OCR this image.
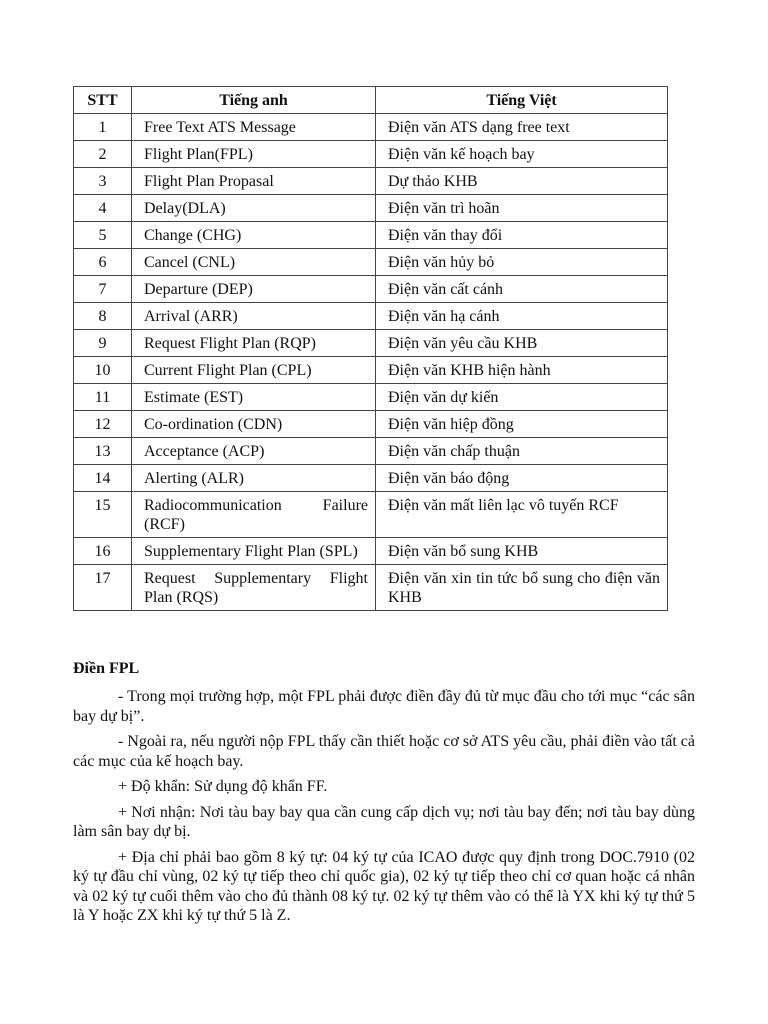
STT	Tiếng anh	Tiếng Việt
1	Free Text ATS Message	Điện văn ATS dạng free text
2	Flight Plan(FPL)	Điện văn kế hoạch bay
3	Flight Plan Propasal	Dự thảo KHB
4	Delay(DLA)	Điện văn trì hoãn
5	Change (CHG)	Điện văn thay đổi
6	Cancel (CNL)	Điện văn hủy bỏ
7	Departure (DEP)	Điện văn cất cánh
8	Arrival (ARR)	Điện văn hạ cánh
9	Request Flight Plan (RQP)	Điện văn yêu cầu KHB
10	Current Flight Plan (CPL)	Điện văn KHB hiện hành
11	Estimate (EST)	Điện văn dự kiến
12	Co-ordination (CDN)	Điện văn hiệp đồng
13	Acceptance (ACP)	Điện văn chấp thuận
14	Alerting (ALR)	Điện văn báo động
15	Radiocommunication Failure (RCF)	Điện văn mất liên lạc vô tuyến RCF
16	Supplementary Flight Plan (SPL)	Điện văn bổ sung KHB
17	Request Supplementary Flight Plan (RQS)	Điện văn xin tin tức bổ sung cho điện văn KHB
Điền FPL

- Trong mọi trường hợp, một FPL phải được điền đầy đủ từ mục đầu cho tới mục “các sân bay dự bị”.

- Ngoài ra, nếu người nộp FPL thấy cần thiết hoặc cơ sở ATS yêu cầu, phải điền vào tất cả các mục của kế hoạch bay.

+ Độ khẩn: Sử dụng độ khẩn FF.

+ Nơi nhận: Nơi tàu bay bay qua cần cung cấp dịch vụ; nơi tàu bay đến; nơi tàu bay dùng làm sân bay dự bị.

+ Địa chỉ phải bao gồm 8 ký tự: 04 ký tự của ICAO được quy định trong DOC.7910 (02 ký tự đầu chỉ vùng, 02 ký tự tiếp theo chỉ quốc gia), 02 ký tự tiếp theo chỉ cơ quan hoặc cá nhân và 02 ký tự cuối thêm vào cho đủ thành 08 ký tự. 02 ký tự thêm vào có thể là YX khi ký tự thứ 5 là Y hoặc ZX khi ký tự thứ 5 là Z.
